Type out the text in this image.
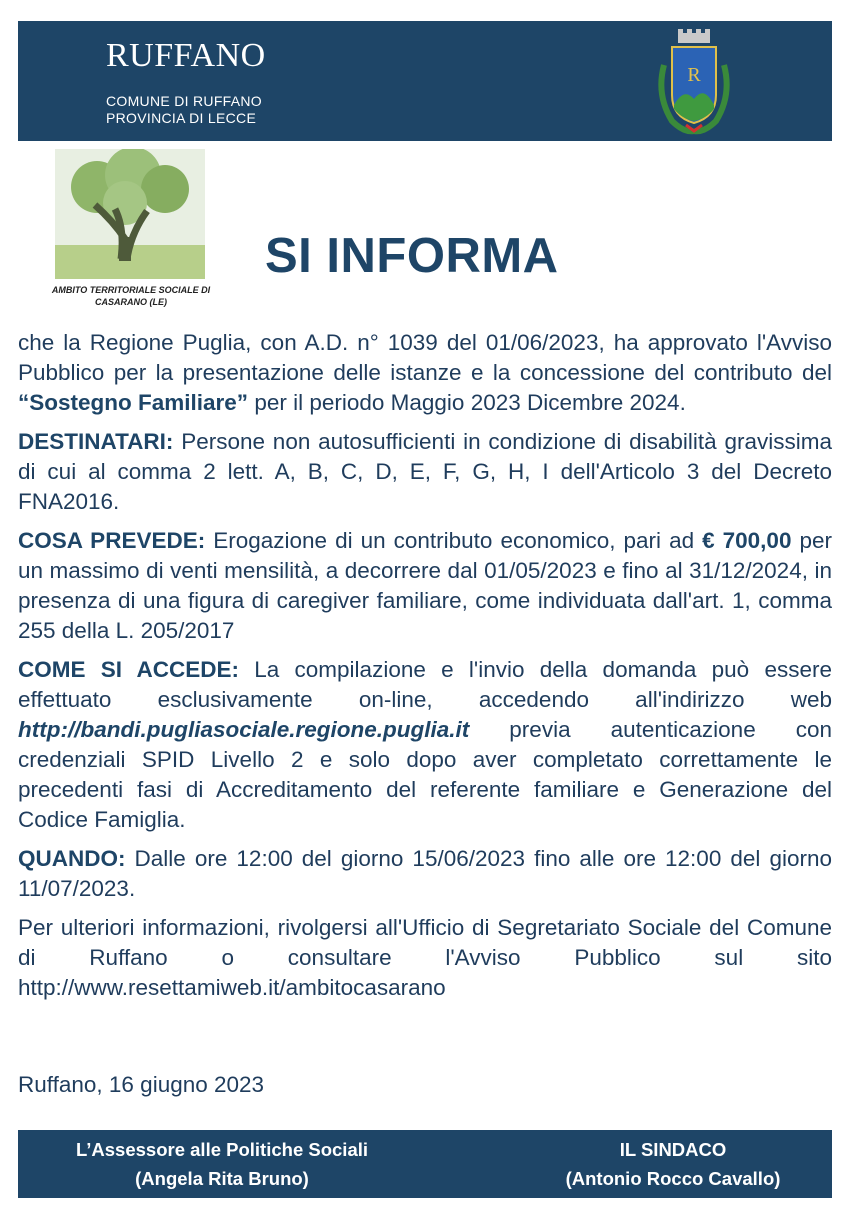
RUFFANO
COMUNE DI RUFFANO
PROVINCIA DI LECCE
R
AMBITO TERRITORIALE SOCIALE DI
CASARANO (LE)
SI INFORMA

che la Regione Puglia, con A.D. n° 1039 del 01/06/2023, ha approvato l'Avviso Pubblico per la presentazione delle istanze e la concessione del contributo del “Sostegno Familiare” per il periodo Maggio 2023 Dicembre 2024.

DESTINATARI: Persone non autosufficienti in condizione di disabilità gravissima di cui al comma 2 lett. A, B, C, D, E, F, G, H, I dell'Articolo 3 del Decreto FNA2016.

COSA PREVEDE: Erogazione di un contributo economico, pari ad € 700,00 per un massimo di venti mensilità, a decorrere dal 01/05/2023 e fino al 31/12/2024, in presenza di una figura di caregiver familiare, come individuata dall'art. 1, comma 255 della L. 205/2017

COME SI ACCEDE: La compilazione e l'invio della domanda può essere effettuato esclusivamente on-line, accedendo all'indirizzo web http://bandi.pugliasociale.regione.puglia.it previa autenticazione con credenziali SPID Livello 2 e solo dopo aver completato correttamente le precedenti fasi di Accreditamento del referente familiare e Generazione del Codice Famiglia.

QUANDO: Dalle ore 12:00 del giorno 15/06/2023 fino alle ore 12:00 del giorno 11/07/2023.

Per ulteriori informazioni, rivolgersi all'Ufficio di Segretariato Sociale del Comune di Ruffano o consultare l'Avviso Pubblico sul sito http://www.resettamiweb.it/ambitocasarano

Ruffano, 16 giugno 2023
L’Assessore alle Politiche Sociali
(Angela Rita Bruno)
IL SINDACO
(Antonio Rocco Cavallo)
